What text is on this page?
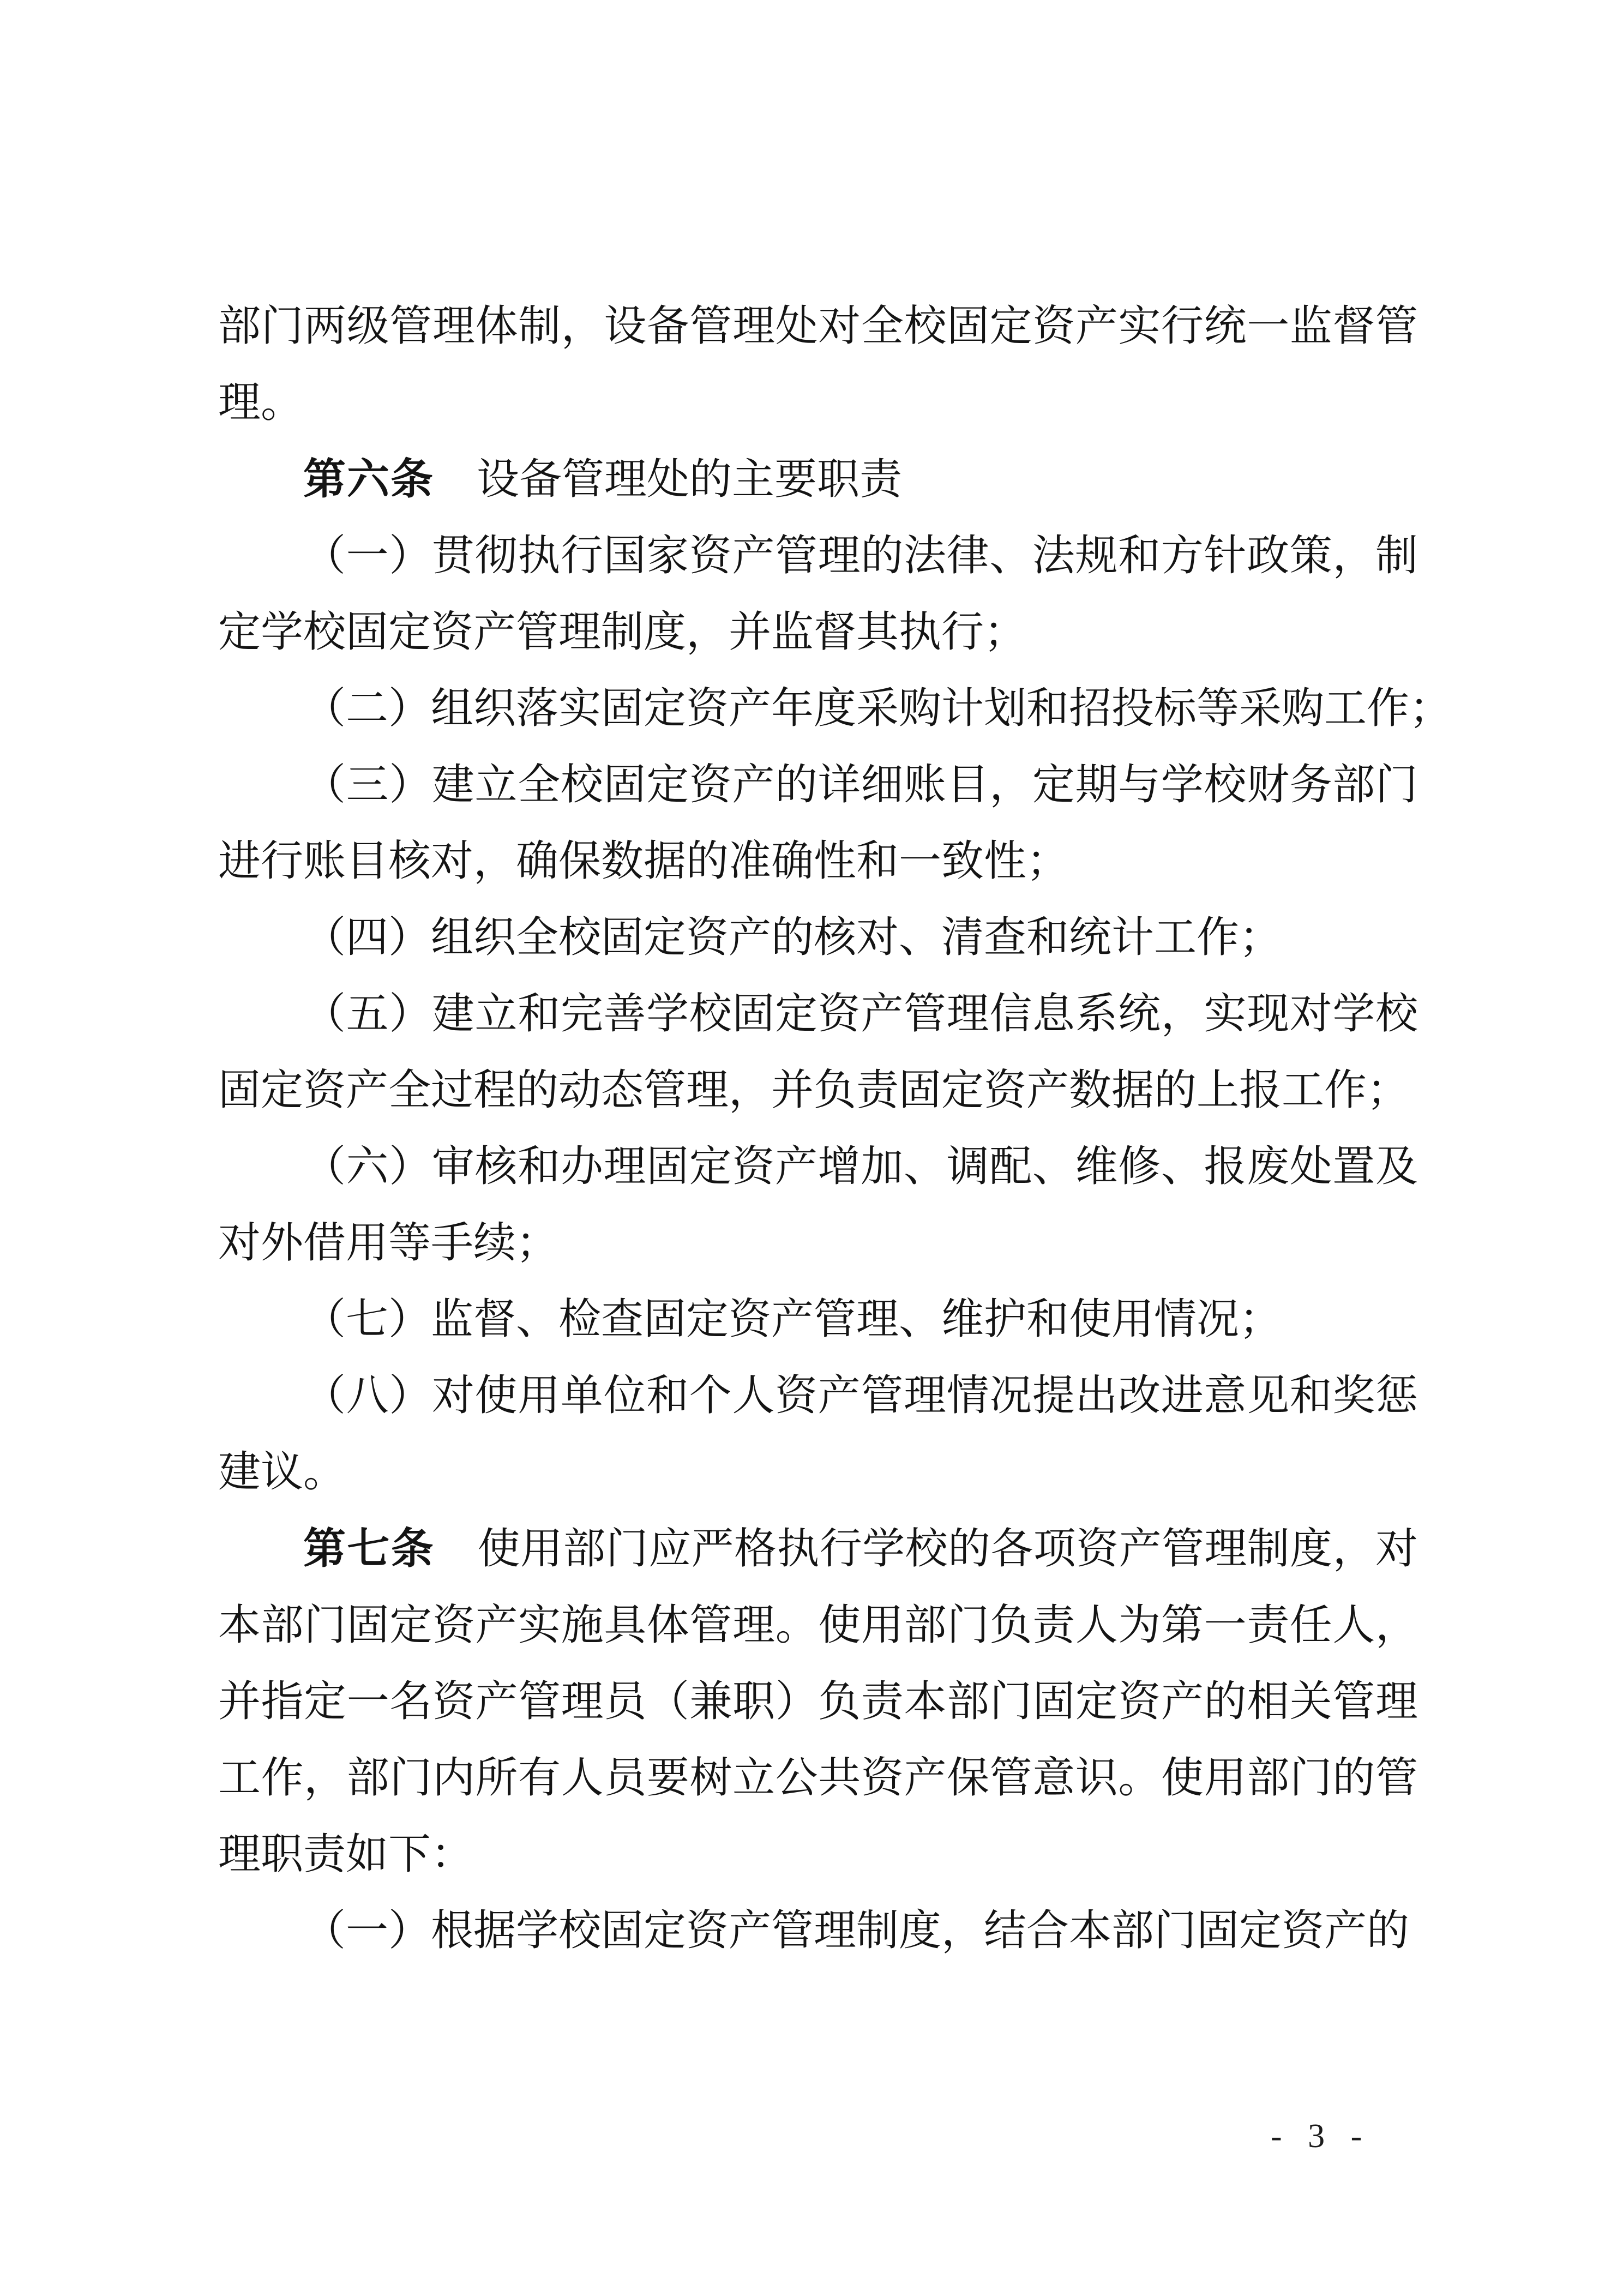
部门两级管理体制，设备管理处对全校固定资产实行统一监督管理。

第六条　设备管理处的主要职责

（一）贯彻执行国家资产管理的法律、法规和方针政策，制定学校固定资产管理制度，并监督其执行；

（二）组织落实固定资产年度采购计划和招投标等采购工作；

（三）建立全校固定资产的详细账目，定期与学校财务部门进行账目核对，确保数据的准确性和一致性；

（四）组织全校固定资产的核对、清查和统计工作；

（五）建立和完善学校固定资产管理信息系统，实现对学校固定资产全过程的动态管理，并负责固定资产数据的上报工作；

（六）审核和办理固定资产增加、调配、维修、报废处置及对外借用等手续；

（七）监督、检查固定资产管理、维护和使用情况；

（八）对使用单位和个人资产管理情况提出改进意见和奖惩建议。

第七条　使用部门应严格执行学校的各项资产管理制度，对本部门固定资产实施具体管理。使用部门负责人为第一责任人，并指定一名资产管理员（兼职）负责本部门固定资产的相关管理工作，部门内所有人员要树立公共资产保管意识。使用部门的管理职责如下：

（一）根据学校固定资产管理制度，结合本部门固定资产的

- 3 -
